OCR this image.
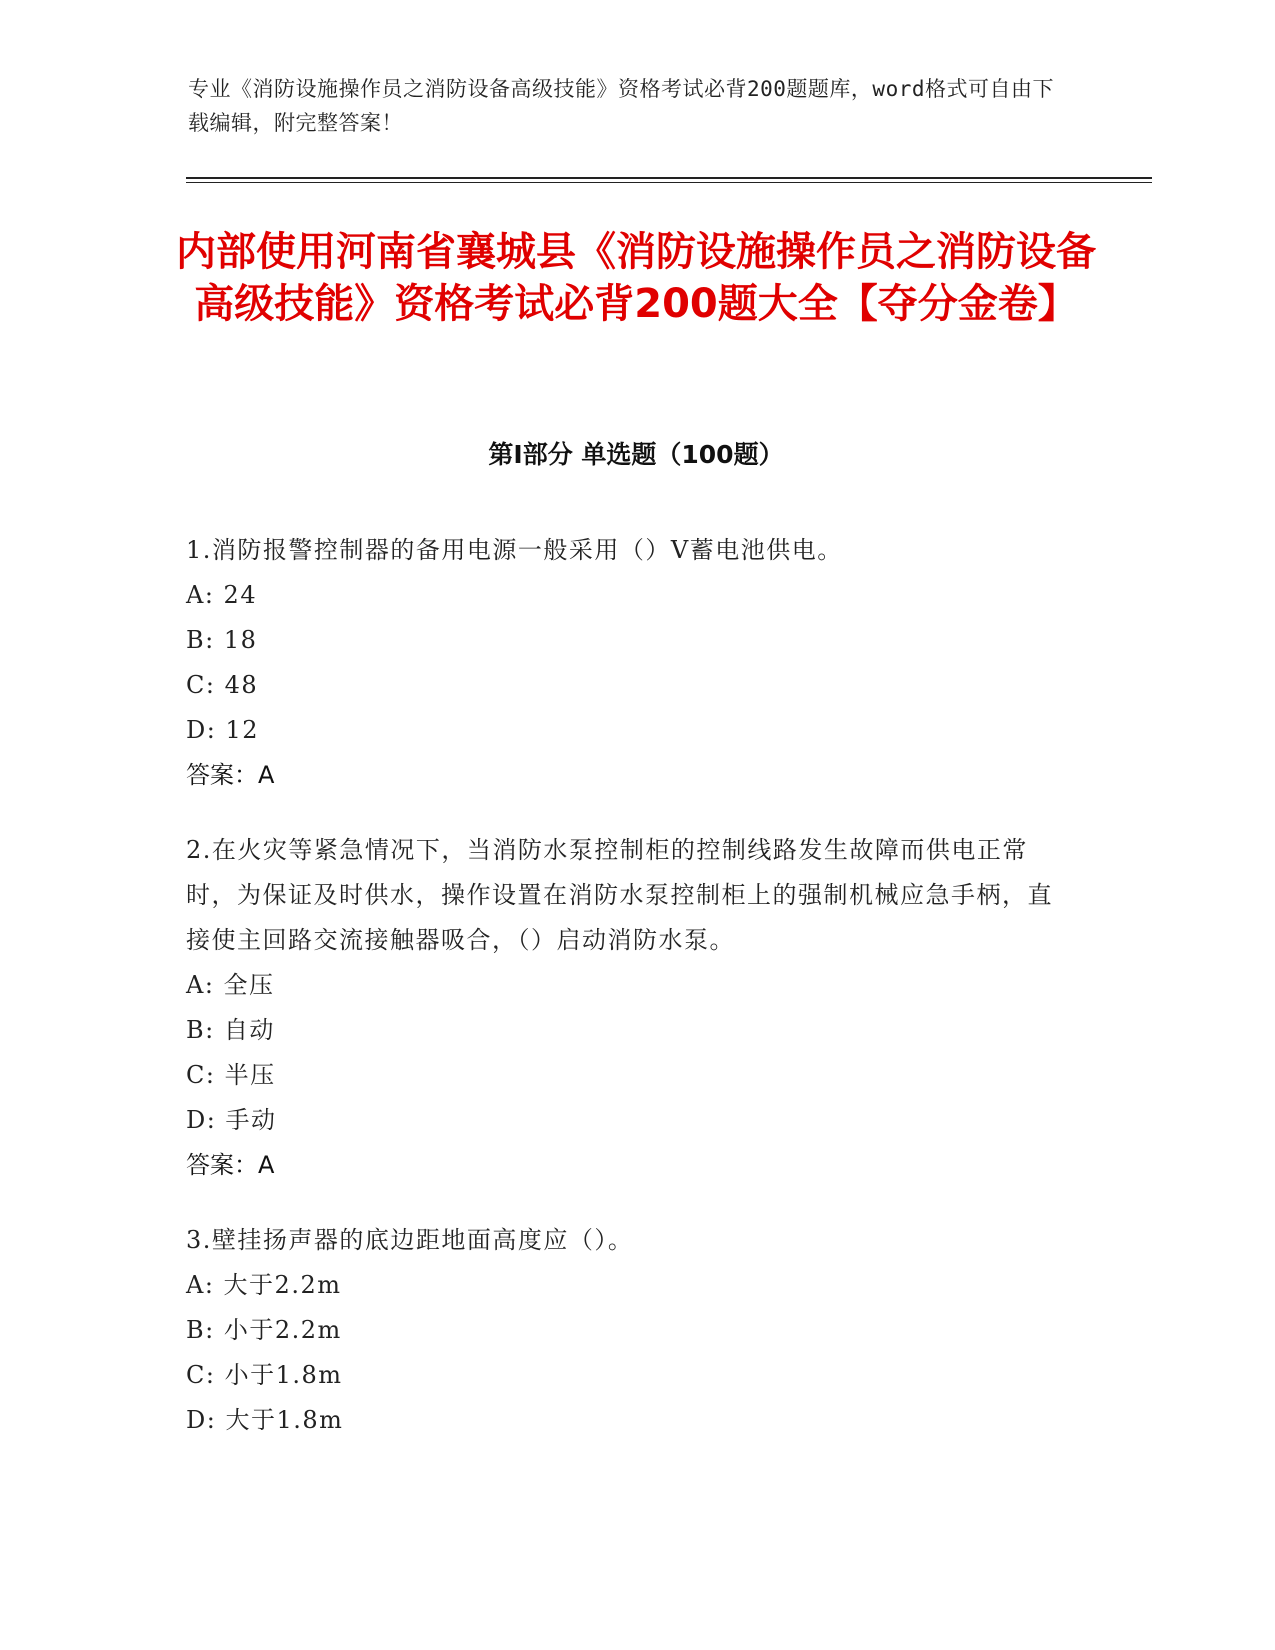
专业《消防设施操作员之消防设备高级技能》资格考试必背200题题库，word格式可自由下载编辑，附完整答案！
内部使用河南省襄城县《消防设施操作员之消防设备高级技能》资格考试必背200题大全【夺分金卷】
第I部分 单选题（100题）
1.消防报警控制器的备用电源一般采用（）V蓄电池供电。
A: 24
B: 18
C: 48
D: 12
答案：A
2.在火灾等紧急情况下，当消防水泵控制柜的控制线路发生故障而供电正常时，为保证及时供水，操作设置在消防水泵控制柜上的强制机械应急手柄，直接使主回路交流接触器吸合，（）启动消防水泵。
A: 全压
B: 自动
C: 半压
D: 手动
答案：A
3.壁挂扬声器的底边距地面高度应（）。
A: 大于2.2m
B: 小于2.2m
C: 小于1.8m
D: 大于1.8m
